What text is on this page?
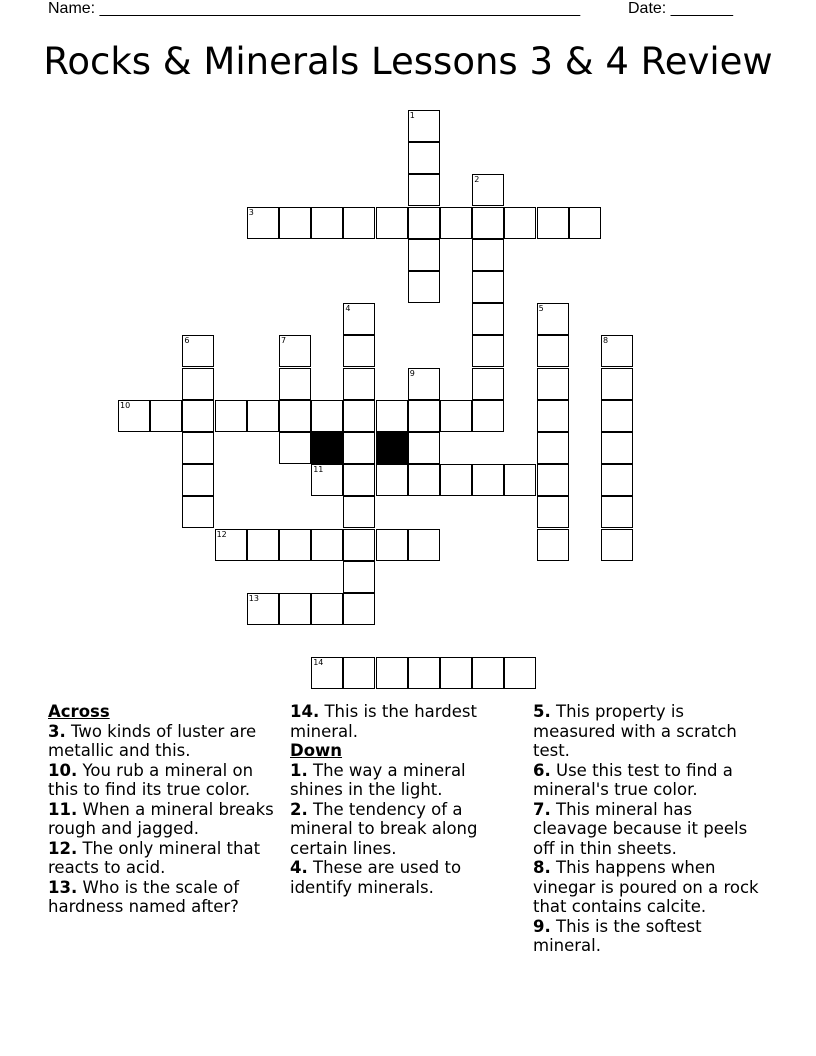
Name: ______________________________________________________	Date: _______
Rocks & Minerals Lessons 3 & 4 Review
3
10
11
12
13
14
1
2
4	5
6	7	8
9
Across
3. Two kinds of luster are metallic and this.
10. You rub a mineral on this to find its true color.
11. When a mineral breaks rough and jagged.
12. The only mineral that reacts to acid.
13. Who is the scale of hardness named after?
14. This is the hardest mineral.
Down
1. The way a mineral shines in the light.
2. The tendency of a mineral to break along certain lines.
4. These are used to identify minerals.
5. This property is measured with a scratch test.
6. Use this test to find a mineral's true color.
7. This mineral has cleavage because it peels off in thin sheets.
8. This happens when vinegar is poured on a rock that contains calcite.
9. This is the softest mineral.
